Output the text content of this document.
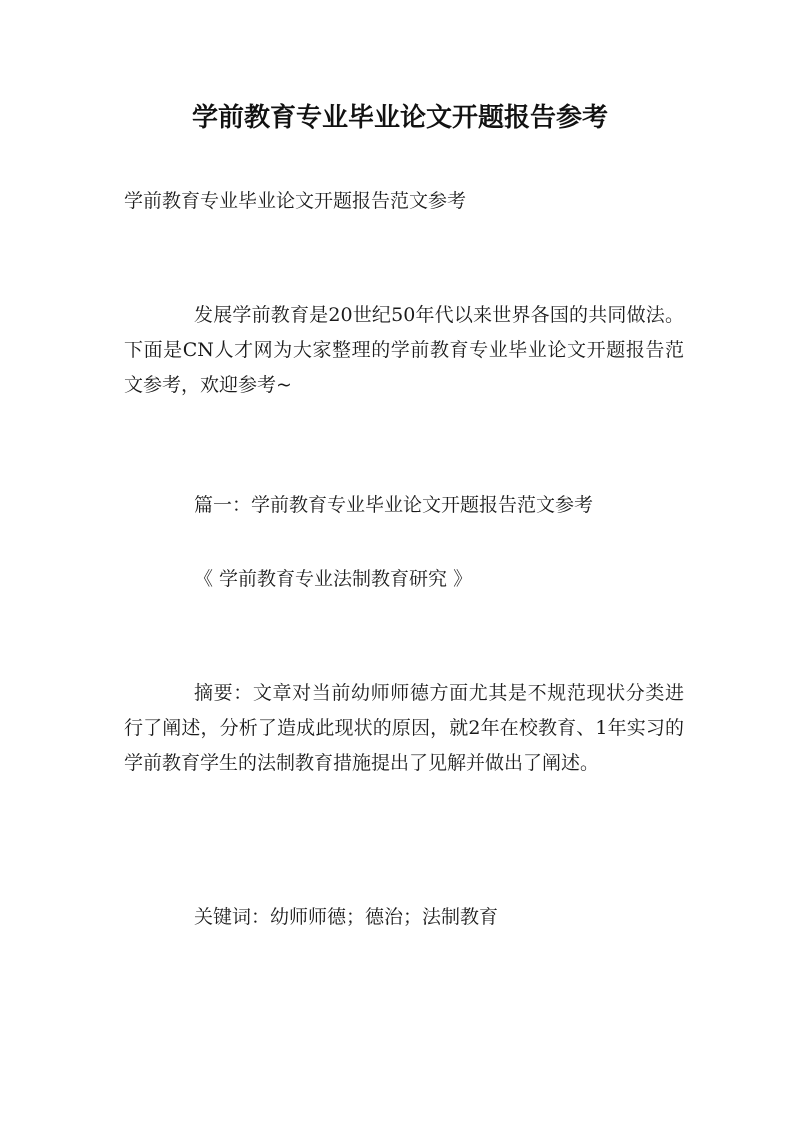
学前教育专业毕业论文开题报告参考
学前教育专业毕业论文开题报告范文参考
发展学前教育是20世纪50年代以来世界各国的共同做法。下面是CN人才网为大家整理的学前教育专业毕业论文开题报告范文参考，欢迎参考~
篇一：学前教育专业毕业论文开题报告范文参考
《 学前教育专业法制教育研究 》
摘要：文章对当前幼师师德方面尤其是不规范现状分类进行了阐述，分析了造成此现状的原因，就2年在校教育、1年实习的学前教育学生的法制教育措施提出了见解并做出了阐述。
关键词：幼师师德；德治；法制教育
